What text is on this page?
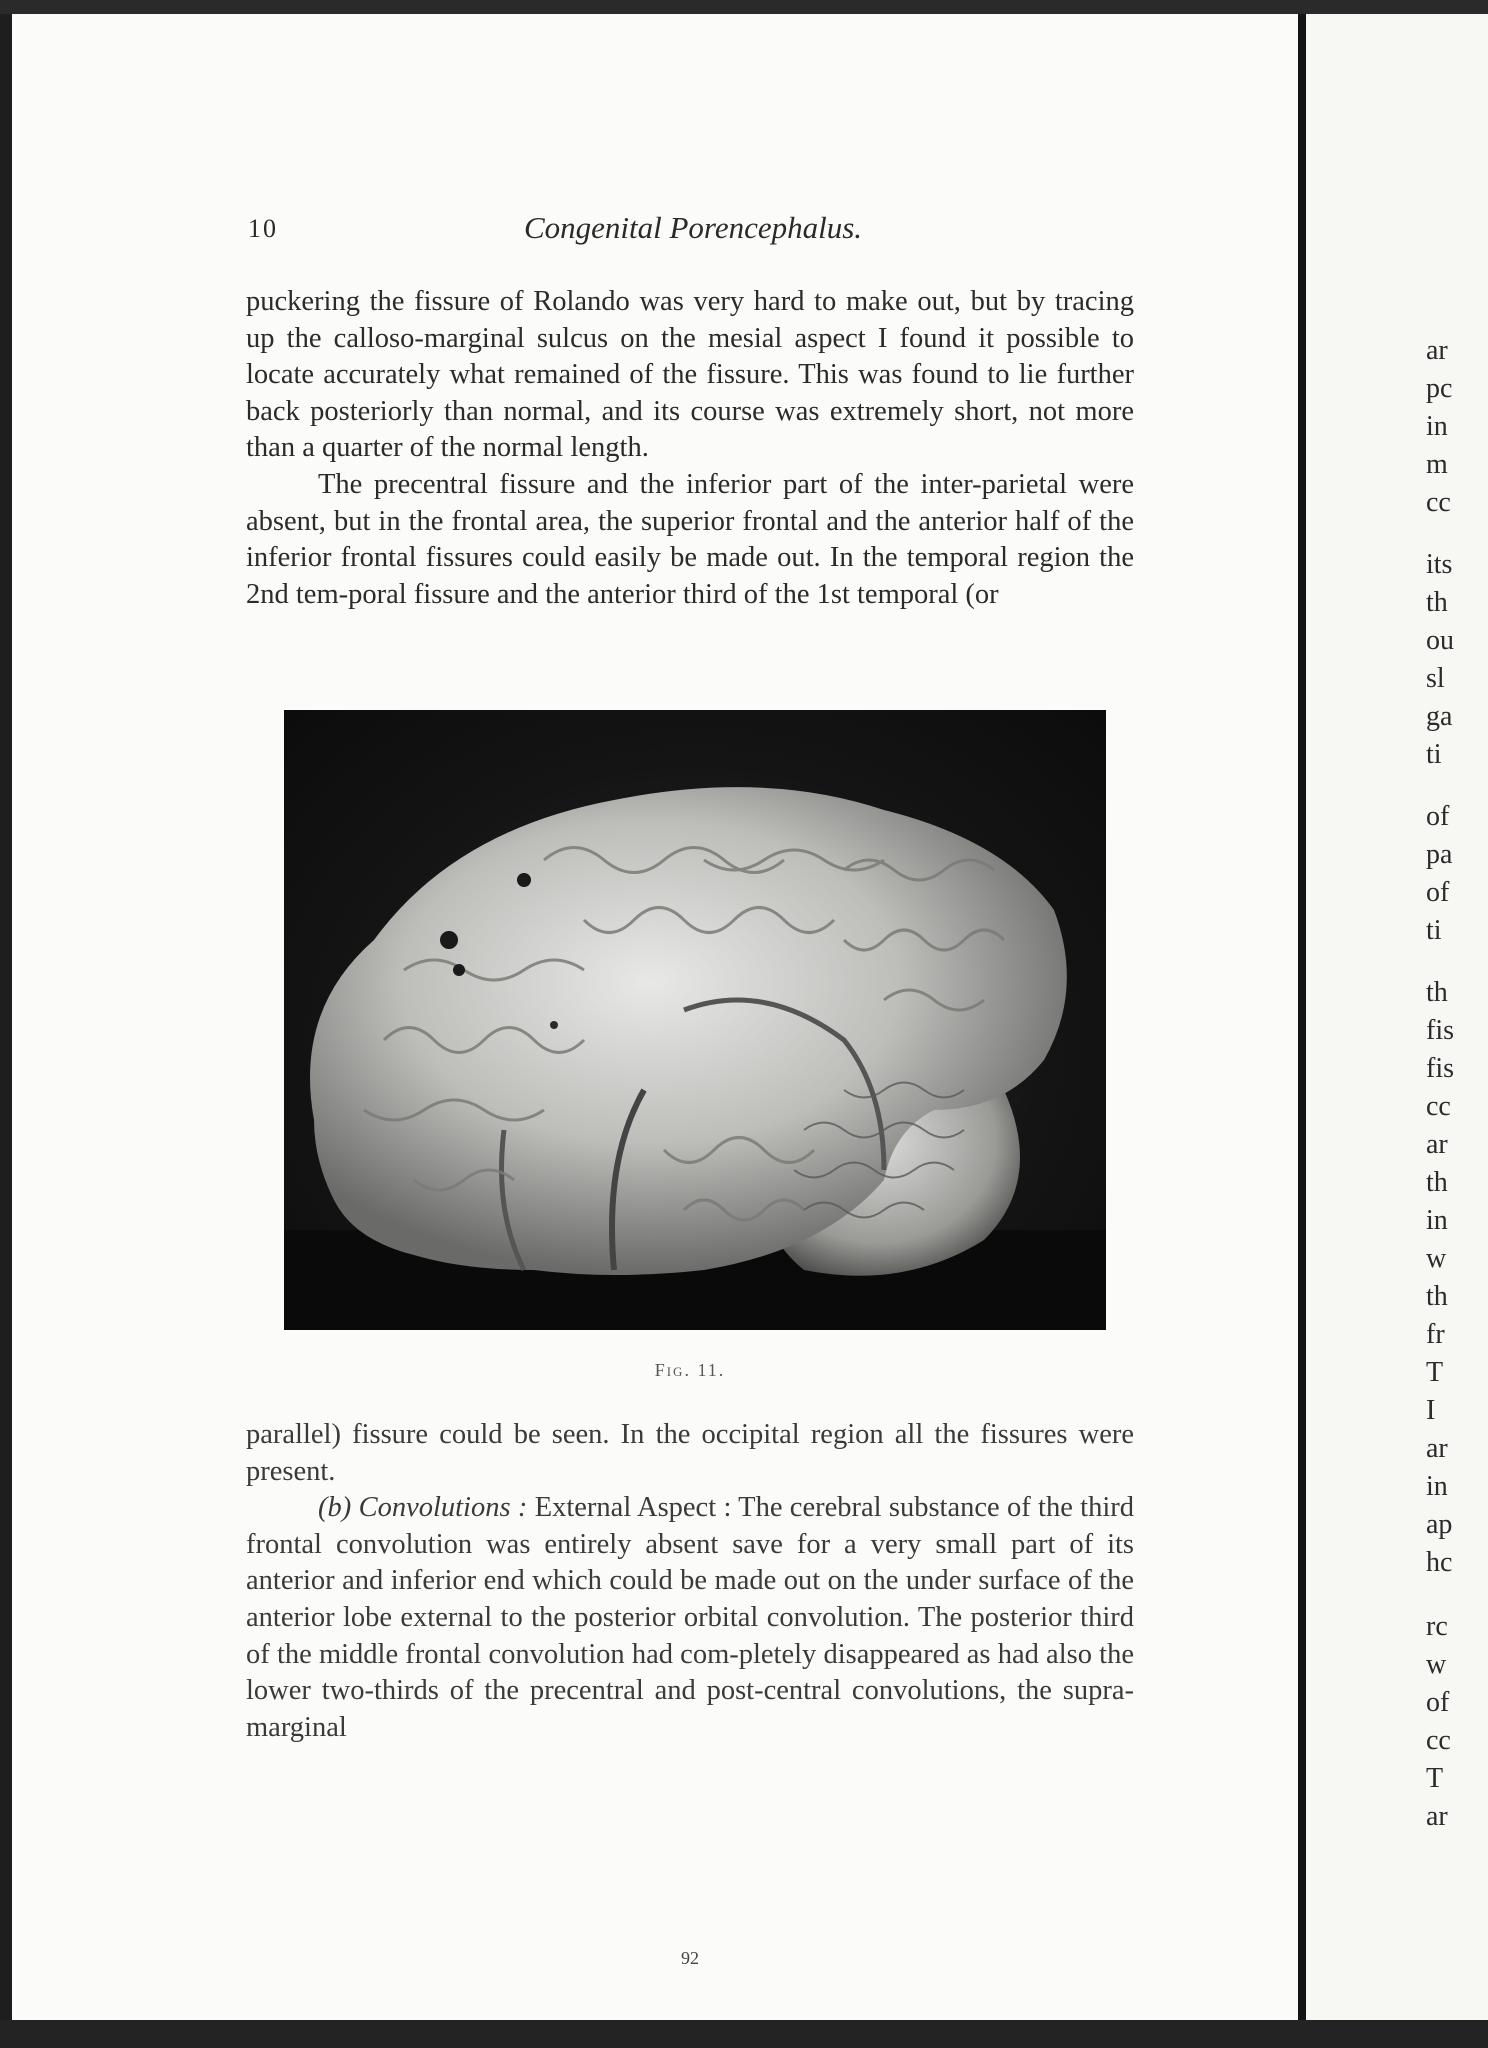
10	Congenital Porencephalus.

puckering the fissure of Rolando was very hard to make out, but by tracing up the calloso-marginal sulcus on the mesial aspect I found it possible to locate accurately what remained of the fissure. This was found to lie further back posteriorly than normal, and its course was extremely short, not more than a quarter of the normal length.

The precentral fissure and the inferior part of the inter-parietal were absent, but in the frontal area, the superior frontal and the anterior half of the inferior frontal fissures could easily be made out. In the temporal region the 2nd tem-poral fissure and the anterior third of the 1st temporal (or

Fig. 11.

parallel) fissure could be seen. In the occipital region all the fissures were present.

(b) Convolutions : External Aspect : The cerebral substance of the third frontal convolution was entirely absent save for a very small part of its anterior and inferior end which could be made out on the under surface of the anterior lobe external to the posterior orbital convolution. The posterior third of the middle frontal convolution had com-pletely disappeared as had also the lower two-thirds of the precentral and post-central convolutions, the supra-marginal

92
ar
pc
in
m
cc
its
th
ou
sl
ga
ti
of
pa
of
ti
th
fis
fis
cc
ar
th
in
w
th
fr
T
I
ar
in
ap
hc
rc
w
of
cc
T
ar
